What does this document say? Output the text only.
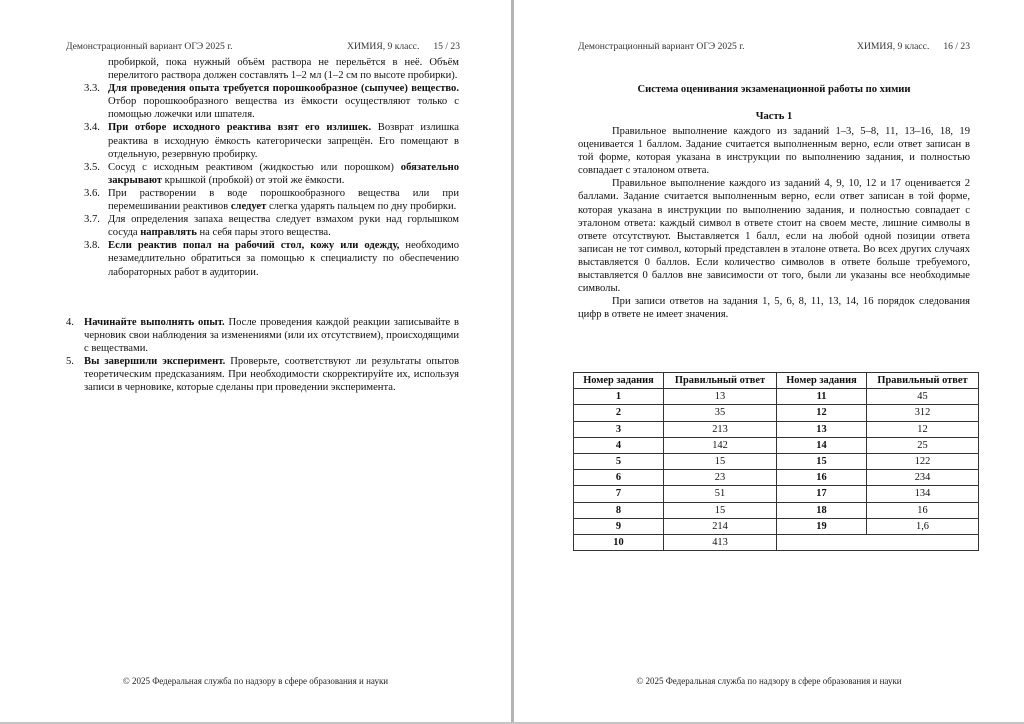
Демонстрационный вариант ОГЭ 2025 г.	ХИМИЯ, 9 класс. 15 / 23
пробиркой, пока нужный объём раствора не перельётся в неё. Объём перелитого раствора должен составлять 1–2 мл (1–2 см по высоте пробирки).
3.3. Для проведения опыта требуется порошкообразное (сыпучее) вещество. Отбор порошкообразного вещества из ёмкости осуществляют только с помощью ложечки или шпателя.
3.4. При отборе исходного реактива взят его излишек. Возврат излишка реактива в исходную ёмкость категорически запрещён. Его помещают в отдельную, резервную пробирку.
3.5. Сосуд с исходным реактивом (жидкостью или порошком) обязательно закрывают крышкой (пробкой) от этой же ёмкости.
3.6. При растворении в воде порошкообразного вещества или при перемешивании реактивов следует слегка ударять пальцем по дну пробирки.
3.7. Для определения запаха вещества следует взмахом руки над горлышком сосуда направлять на себя пары этого вещества.
3.8. Если реактив попал на рабочий стол, кожу или одежду, необходимо незамедлительно обратиться за помощью к специалисту по обеспечению лабораторных работ в аудитории.
4. Начинайте выполнять опыт. После проведения каждой реакции записывайте в черновик свои наблюдения за изменениями (или их отсутствием), происходящими с веществами.
5. Вы завершили эксперимент. Проверьте, соответствуют ли результаты опытов теоретическим предсказаниям. При необходимости скорректируйте их, используя записи в черновике, которые сделаны при проведении эксперимента.
© 2025 Федеральная служба по надзору в сфере образования и науки
Демонстрационный вариант ОГЭ 2025 г.	ХИМИЯ, 9 класс. 16 / 23
Система оценивания экзаменационной работы по химии
Часть 1

Правильное выполнение каждого из заданий 1–3, 5–8, 11, 13–16, 18, 19 оценивается 1 баллом. Задание считается выполненным верно, если ответ записан в той форме, которая указана в инструкции по выполнению задания, и полностью совпадает с эталоном ответа.

Правильное выполнение каждого из заданий 4, 9, 10, 12 и 17 оценивается 2 баллами. Задание считается выполненным верно, если ответ записан в той форме, которая указана в инструкции по выполнению задания, и полностью совпадает с эталоном ответа: каждый символ в ответе стоит на своем месте, лишние символы в ответе отсутствуют. Выставляется 1 балл, если на любой одной позиции ответа записан не тот символ, который представлен в эталоне ответа. Во всех других случаях выставляется 0 баллов. Если количество символов в ответе больше требуемого, выставляется 0 баллов вне зависимости от того, были ли указаны все необходимые символы.

При записи ответов на задания 1, 5, 6, 8, 11, 13, 14, 16 порядок следования цифр в ответе не имеет значения.

Номер задания	Правильный ответ	Номер задания	Правильный ответ
1	13	11	45
2	35	12	312
3	213	13	12
4	142	14	25
5	15	15	122
6	23	16	234
7	51	17	134
8	15	18	16
9	214	19	1,6
10	413		
© 2025 Федеральная служба по надзору в сфере образования и науки
